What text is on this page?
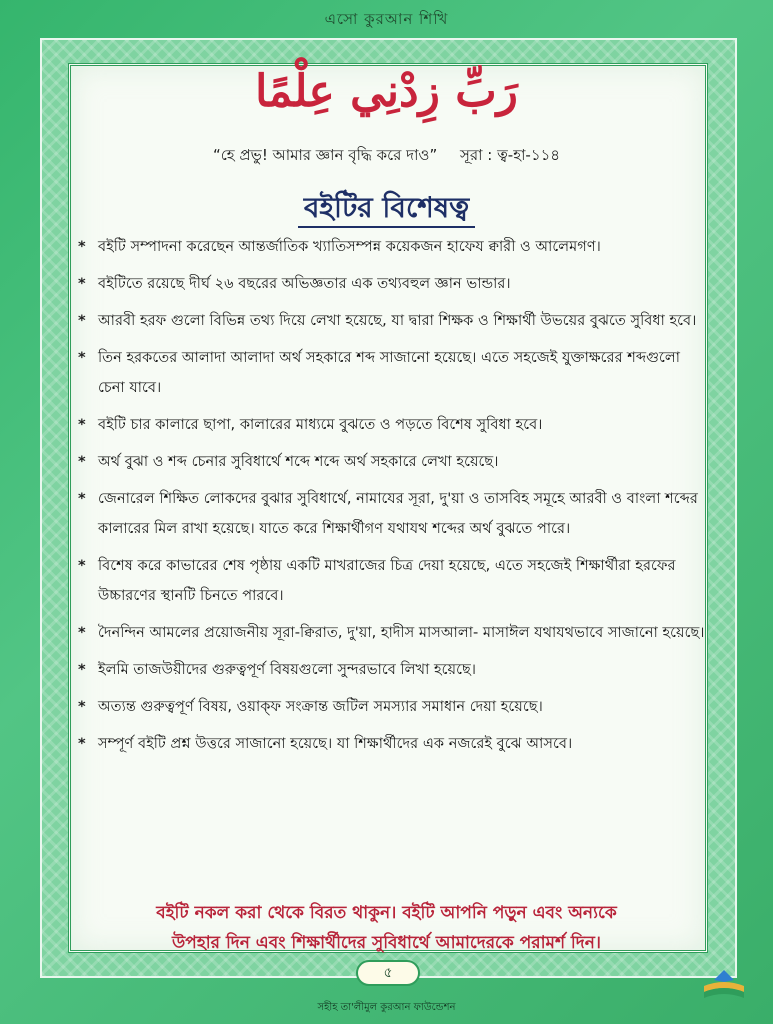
এসো কুরআন শিখি
رَبِّ زِدْنِي عِلْمًا
“হে প্রভু! আমার জ্ঞান বৃদ্ধি করে দাও” সূরা : ত্ব-হা-১১৪
বইটির বিশেষত্ব
* বইটি সম্পাদনা করেছেন আন্তর্জাতিক খ্যাতিসম্পন্ন কয়েকজন হাফেয ক্বারী ও আলেমগণ।
* বইটিতে রয়েছে দীর্ঘ ২৬ বছরের অভিজ্ঞতার এক তথ্যবহুল জ্ঞান ভান্ডার।
* আরবী হরফ গুলো বিভিন্ন তথ্য দিয়ে লেখা হয়েছে, যা দ্বারা শিক্ষক ও শিক্ষার্থী উভয়ের বুঝতে সুবিধা হবে।
* তিন হরকতের আলাদা আলাদা অর্থ সহকারে শব্দ সাজানো হয়েছে। এতে সহজেই যুক্তাক্ষরের শব্দগুলো চেনা যাবে।
* বইটি চার কালারে ছাপা, কালারের মাধ্যমে বুঝতে ও পড়তে বিশেষ সুবিধা হবে।
* অর্থ বুঝা ও শব্দ চেনার সুবিধার্থে শব্দে শব্দে অর্থ সহকারে লেখা হয়েছে।
* জেনারেল শিক্ষিত লোকদের বুঝার সুবিধার্থে, নামাযের সূরা, দু'য়া ও তাসবিহ সমূহে আরবী ও বাংলা শব্দের কালারের মিল রাখা হয়েছে। যাতে করে শিক্ষার্থীগণ যথাযথ শব্দের অর্থ বুঝতে পারে।
* বিশেষ করে কাভারের শেষ পৃষ্ঠায় একটি মাখরাজের চিত্র দেয়া হয়েছে, এতে সহজেই শিক্ষার্থীরা হরফের উচ্চারণের স্থানটি চিনতে পারবে।
* দৈনন্দিন আমলের প্রয়োজনীয় সূরা-ক্বিরাত, দু'য়া, হাদীস মাসআলা- মাসাঈল যথাযথভাবে সাজানো হয়েছে।
* ইলমি তাজউয়ীদের গুরুত্বপূর্ণ বিষয়গুলো সুন্দরভাবে লিখা হয়েছে।
* অত্যন্ত গুরুত্বপূর্ণ বিষয়, ওয়াক্ফ সংক্রান্ত জটিল সমস্যার সমাধান দেয়া হয়েছে।
* সম্পূর্ণ বইটি প্রশ্ন উত্তরে সাজানো হয়েছে। যা শিক্ষার্থীদের এক নজরেই বুঝে আসবে।
বইটি নকল করা থেকে বিরত থাকুন। বইটি আপনি পড়ুন এবং অন্যকে
উপহার দিন এবং শিক্ষার্থীদের সুবিধার্থে আমাদেরকে পরামর্শ দিন।
৫
সহীহ তা'লীমুল কুরআন ফাউন্ডেশন
